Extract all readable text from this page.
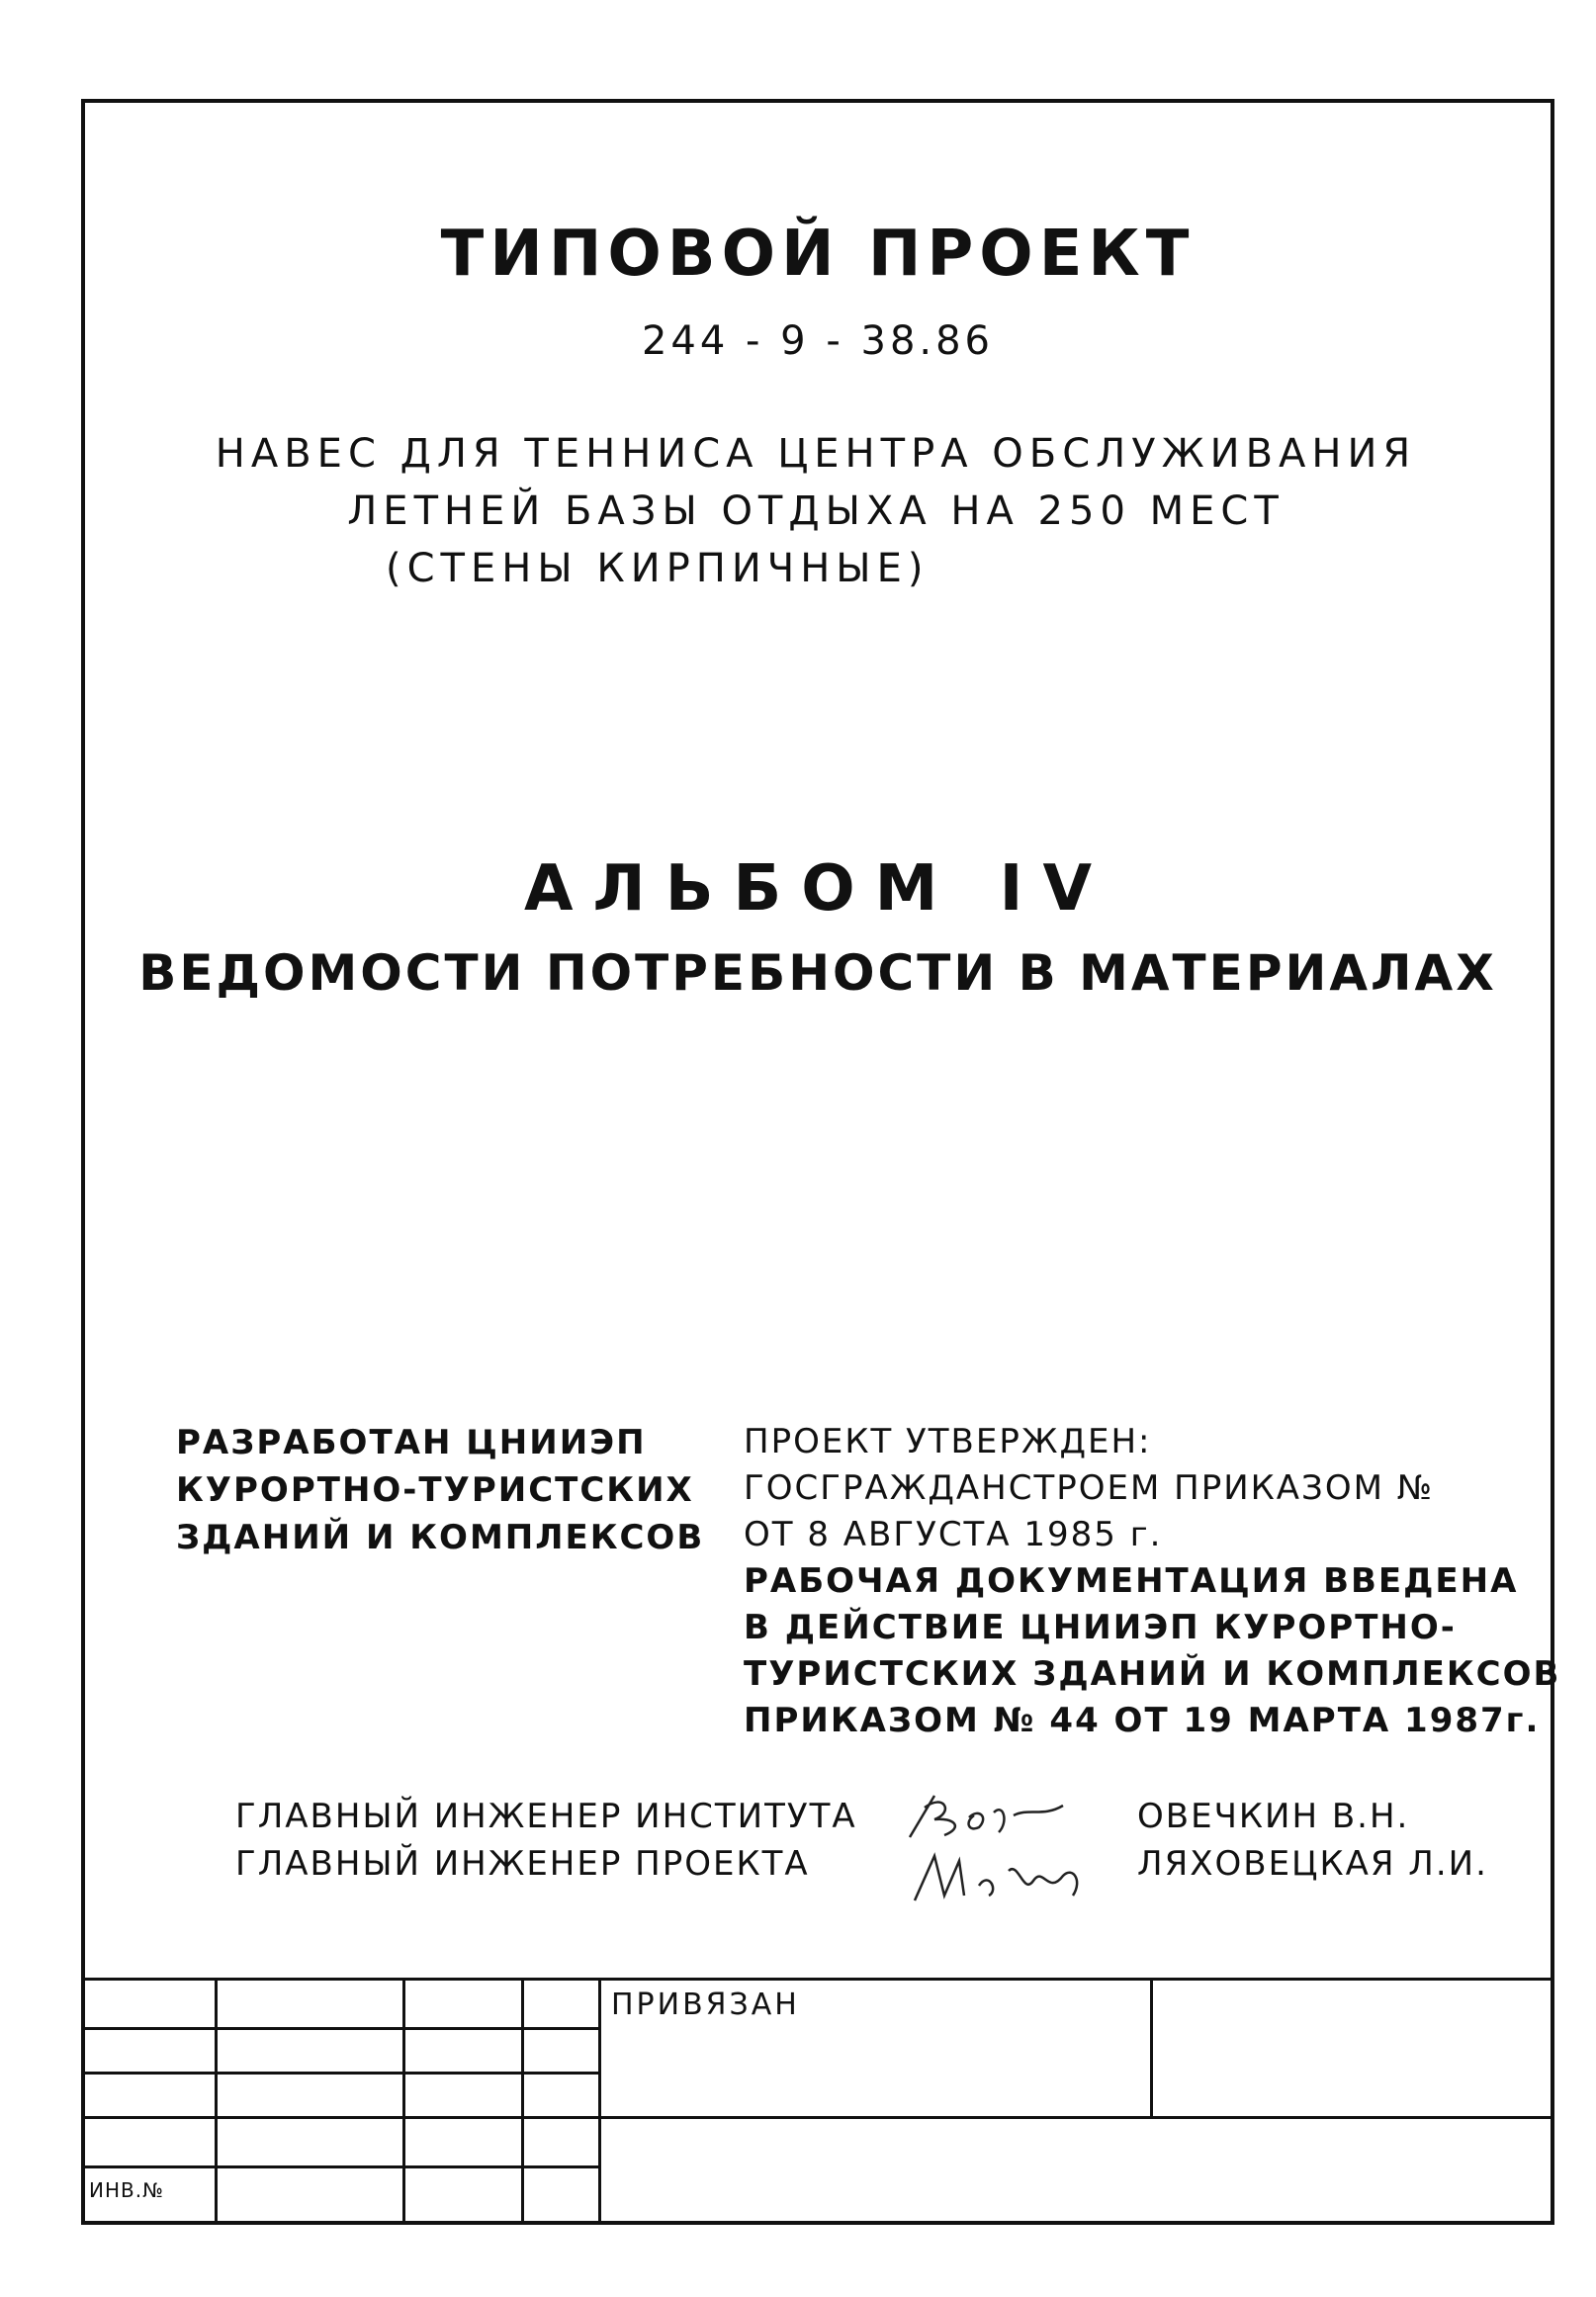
ТИПОВОЙ ПРОЕКТ
244 - 9 - 38.86
НАВЕС ДЛЯ ТЕННИСА ЦЕНТРА ОБСЛУЖИВАНИЯ
ЛЕТНЕЙ БАЗЫ ОТДЫХА НА 250 МЕСТ
(СТЕНЫ КИРПИЧНЫЕ)
АЛЬБОМ IV
ВЕДОМОСТИ ПОТРЕБНОСТИ В МАТЕРИАЛАХ
РАЗРАБОТАН ЦНИИЭП
КУРОРТНО-ТУРИСТСКИХ
ЗДАНИЙ И КОМПЛЕКСОВ
ПРОЕКТ УТВЕРЖДЕН:
ГОСГРАЖДАНСТРОЕМ ПРИКАЗОМ №
ОТ 8 АВГУСТА 1985 г.
РАБОЧАЯ ДОКУМЕНТАЦИЯ ВВЕДЕНА
В ДЕЙСТВИЕ ЦНИИЭП КУРОРТНО-
ТУРИСТСКИХ ЗДАНИЙ И КОМПЛЕКСОВ
ПРИКАЗОМ № 44 ОТ 19 МАРТА 1987г.
ГЛАВНЫЙ ИНЖЕНЕР ИНСТИТУТА
ГЛАВНЫЙ ИНЖЕНЕР ПРОЕКТА
ОВЕЧКИН В.Н.
ЛЯХОВЕЦКАЯ Л.И.
ПРИВЯЗАН
ИНВ.№
